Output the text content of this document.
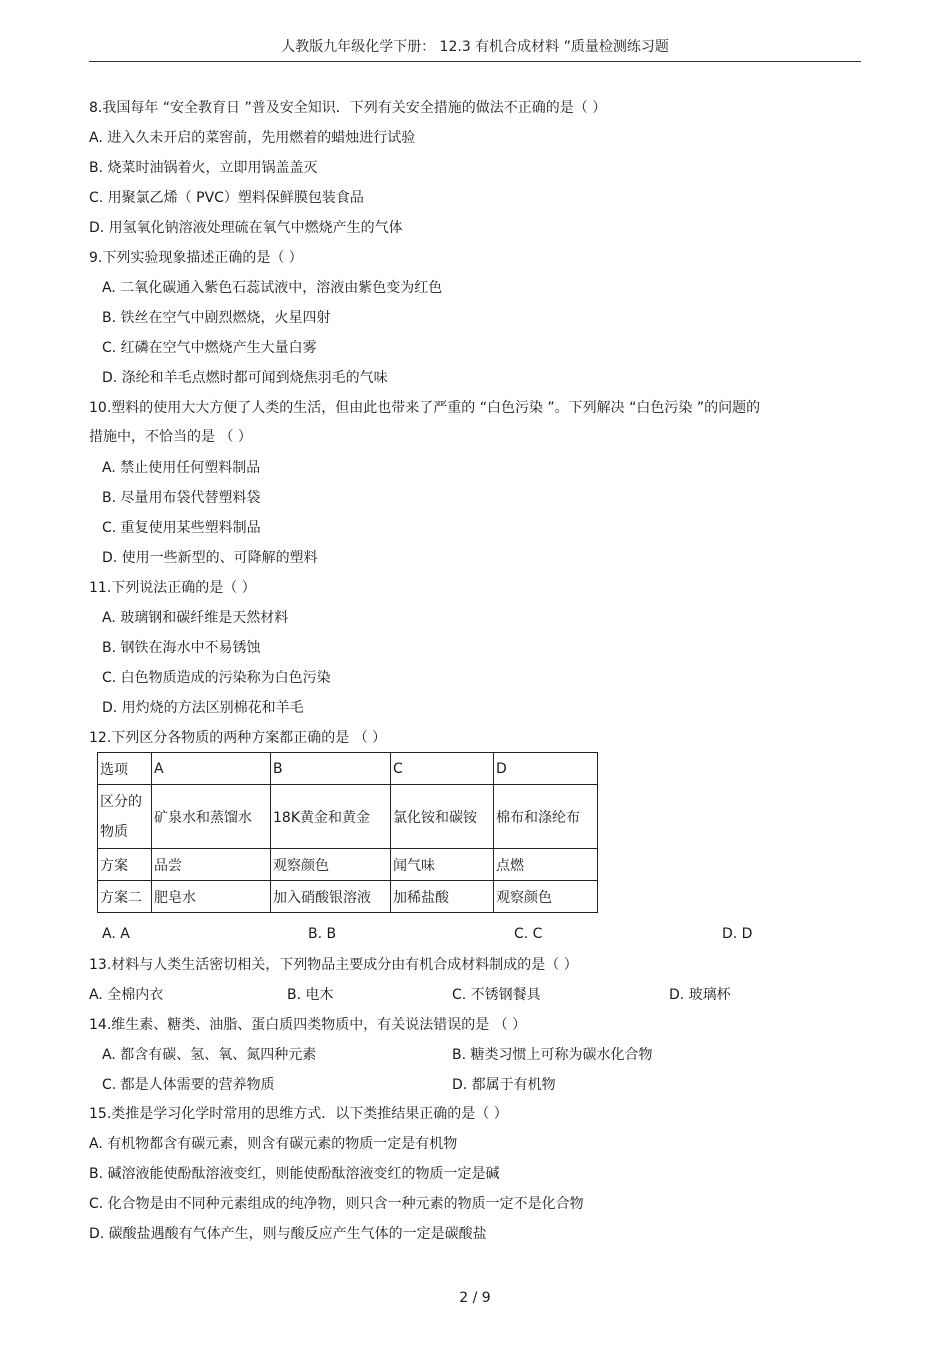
人教版九年级化学下册： 12.3 有机合成材料 ”质量检测练习题
8.我国每年 “安全教育日 ”普及安全知识．下列有关安全措施的做法不正确的是（ ）
A. 进入久未开启的菜窖前，先用燃着的蜡烛进行试验
B. 烧菜时油锅着火，立即用锅盖盖灭
C. 用聚氯乙烯（ PVC）塑料保鲜膜包装食品
D. 用氢氧化钠溶液处理硫在氧气中燃烧产生的气体
9.下列实验现象描述正确的是（ ）
A. 二氧化碳通入紫色石蕊试液中，溶液由紫色变为红色
B. 铁丝在空气中剧烈燃烧，火星四射
C. 红磷在空气中燃烧产生大量白雾
D. 涤纶和羊毛点燃时都可闻到烧焦羽毛的气味
10.塑料的使用大大方便了人类的生活，但由此也带来了严重的 “白色污染 ”。下列解决 “白色污染 ”的问题的
措施中，不恰当的是 （ ）
A. 禁止使用任何塑料制品
B. 尽量用布袋代替塑料袋
C. 重复使用某些塑料制品
D. 使用一些新型的、可降解的塑料
11.下列说法正确的是（ ）
A. 玻璃钢和碳纤维是天然材料
B. 钢铁在海水中不易锈蚀
C. 白色物质造成的污染称为白色污染
D. 用灼烧的方法区别棉花和羊毛
12.下列区分各物质的两种方案都正确的是 （ ）
选项	A	B	C	D

区分的
物质	矿泉水和蒸馏水	18K黄金和黄金	氯化铵和碳铵	棉布和涤纶布
方案	品尝	观察颜色	闻气味	点燃
方案二	肥皂水	加入硝酸银溶液	加稀盐酸	观察颜色
A. A	B. B	C. C	D. D
13.材料与人类生活密切相关，下列物品主要成分由有机合成材料制成的是（ ）
A. 全棉内衣	B. 电木	C. 不锈钢餐具	D. 玻璃杯
14.维生素、糖类、油脂、蛋白质四类物质中，有关说法错误的是 （ ）
A. 都含有碳、氢、氧、氮四种元素	B. 糖类习惯上可称为碳水化合物
C. 都是人体需要的营养物质	D. 都属于有机物
15.类推是学习化学时常用的思维方式．以下类推结果正确的是（ ）
A. 有机物都含有碳元素，则含有碳元素的物质一定是有机物
B. 碱溶液能使酚酞溶液变红，则能使酚酞溶液变红的物质一定是碱
C. 化合物是由不同种元素组成的纯净物，则只含一种元素的物质一定不是化合物
D. 碳酸盐遇酸有气体产生，则与酸反应产生气体的一定是碳酸盐
2 / 9
